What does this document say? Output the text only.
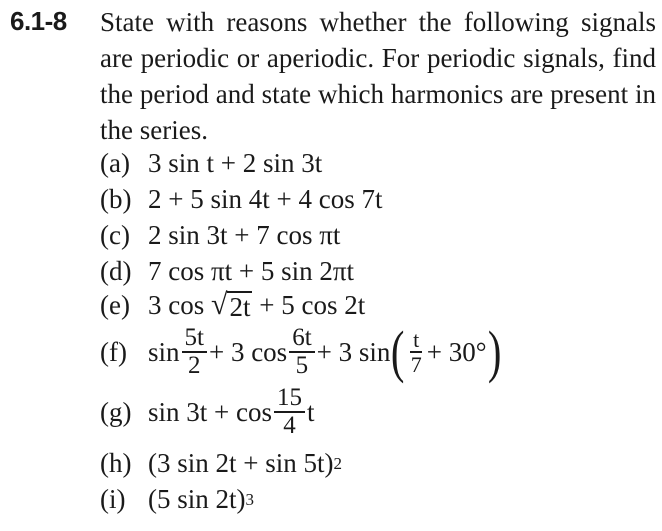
6.1-8 State with reasons whether the following signals are periodic or aperiodic. For periodic signals, find the period and state which harmonics are present in the series.
(a) 3 sin t + 2 sin 3t
(b) 2 + 5 sin 4t + 4 cos 7t
(c) 2 sin 3t + 7 cos πt
(d) 7 cos πt + 5 sin 2πt
(e) 3 cos √ 2t + 5 cos 2t
(f) $\sin \frac{5t}{2} + 3$ $\cos \frac{6t}{5} + 3$ sin ( $\frac{t}{7} + 30^\circ$ )
(g) $\sin 3t + \cos \frac{15}{4}$ t
(h) (3 sin 2t + sin 5t) 2
(i) (5 sin 2t) 3
